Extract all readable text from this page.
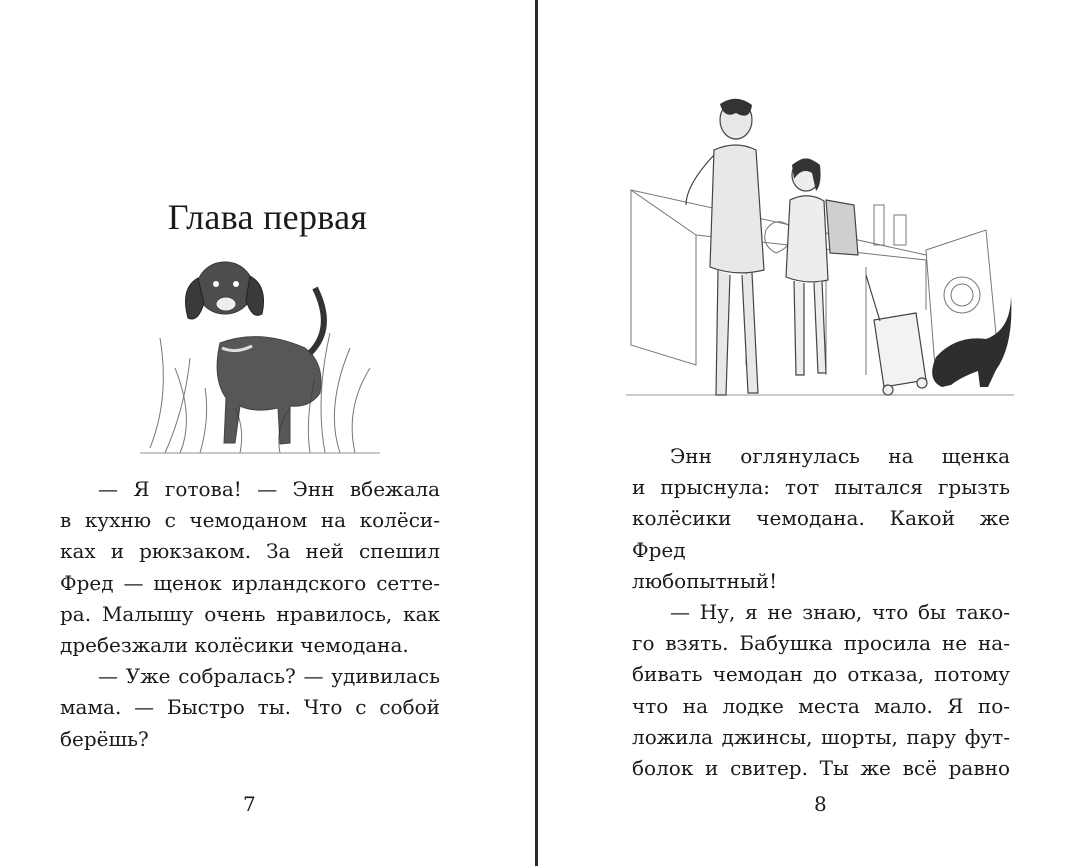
Глава первая
— Я готова! — Энн вбежала
в кухню с чемоданом на колёси-
ках и рюкзаком. За ней спешил
Фред — щенок ирландского сетте-
ра. Малышу очень нравилось, как
дребезжали колёсики чемодана.
— Уже собралась? — удивилась
мама. — Быстро ты. Что с собой
берёшь?
7
Энн оглянулась на щенка
и прыснула: тот пытался грызть
колёсики чемодана. Какой же Фред
любопытный!
— Ну, я не знаю, что бы тако-
го взять. Бабушка просила не на-
бивать чемодан до отказа, потому
что на лодке места мало. Я по-
ложила джинсы, шорты, пару фут-
болок и свитер. Ты же всё равно
8
